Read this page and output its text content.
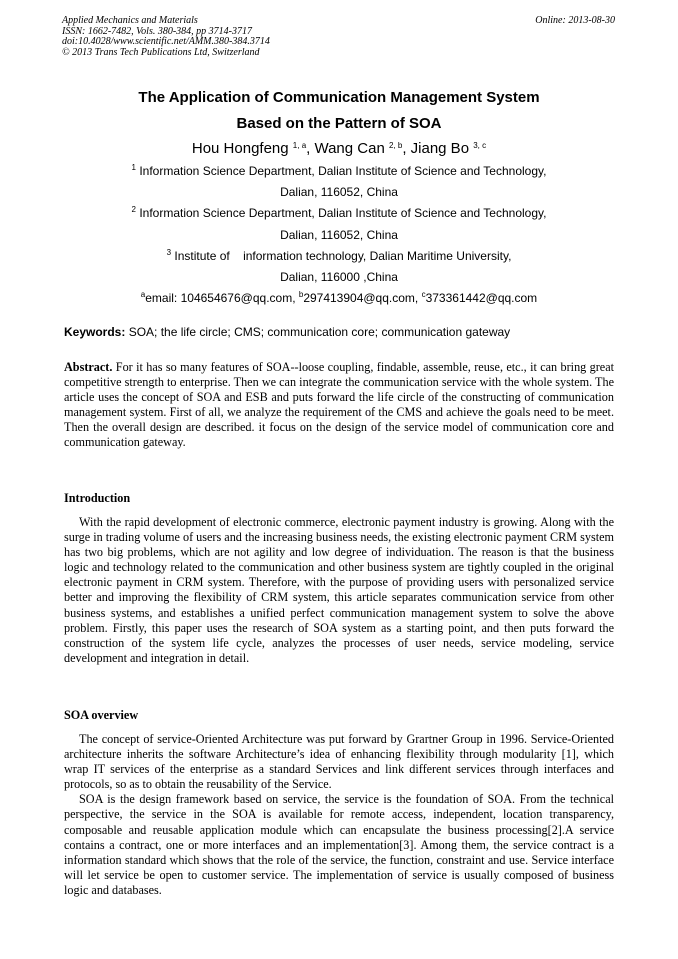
Applied Mechanics and Materials
ISSN: 1662-7482, Vols. 380-384, pp 3714-3717
doi:10.4028/www.scientific.net/AMM.380-384.3714
© 2013 Trans Tech Publications Ltd, Switzerland
Online: 2013-08-30
The Application of Communication Management System
Based on the Pattern of SOA
Hou Hongfeng $^{1, a}$, Wang Can $^{2, b}$, Jiang Bo $^{3, c}$
$^1$ Information Science Department, Dalian Institute of Science and Technology,
Dalian, 116052, China
$^2$ Information Science Department, Dalian Institute of Science and Technology,
Dalian, 116052, China
$^3$ Institute of    information technology, Dalian Maritime University,
Dalian, 116000 ,China
$^a$email: 104654676@qq.com, $^b$297413904@qq.com, $^c$373361442@qq.com
Keywords: SOA; the life circle; CMS; communication core; communication gateway

Abstract. For it has so many features of SOA--loose coupling, findable, assemble, reuse, etc., it can bring great competitive strength to enterprise. Then we can integrate the communication service with the whole system. The article uses the concept of SOA and ESB and puts forward the life circle of the constructing of communication management system. First of all, we analyze the requirement of the CMS and achieve the goals need to be meet. Then the overall design are described. it focus on the design of the service model of communication core and communication gateway.

Introduction

With the rapid development of electronic commerce, electronic payment industry is growing. Along with the surge in trading volume of users and the increasing business needs, the existing electronic payment CRM system has two big problems, which are not agility and low degree of individuation. The reason is that the business logic and technology related to the communication and other business system are tightly coupled in the original electronic payment in CRM system. Therefore, with the purpose of providing users with personalized service better and improving the flexibility of CRM system, this article separates communication service from other business systems, and establishes a unified perfect communication management system to solve the above problem. Firstly, this paper uses the research of SOA system as a starting point, and then puts forward the construction of the system life cycle, analyzes the processes of user needs, service modeling, service development and integration in detail.

SOA overview

The concept of service-Oriented Architecture was put forward by Grartner Group in 1996. Service-Oriented architecture inherits the software Architecture’s idea of enhancing flexibility through modularity [1], which wrap IT services of the enterprise as a standard Services and link different services through interfaces and protocols, so as to obtain the reusability of the Service.

SOA is the design framework based on service, the service is the foundation of SOA. From the technical perspective, the service in the SOA is available for remote access, independent, location transparency, composable and reusable application module which can encapsulate the business processing[2].A service contains a contract, one or more interfaces and an implementation[3]. Among them, the service contract is a information standard which shows that the role of the service, the function, constraint and use. Service interface will let service be open to customer service. The implementation of service is usually composed of business logic and databases.
